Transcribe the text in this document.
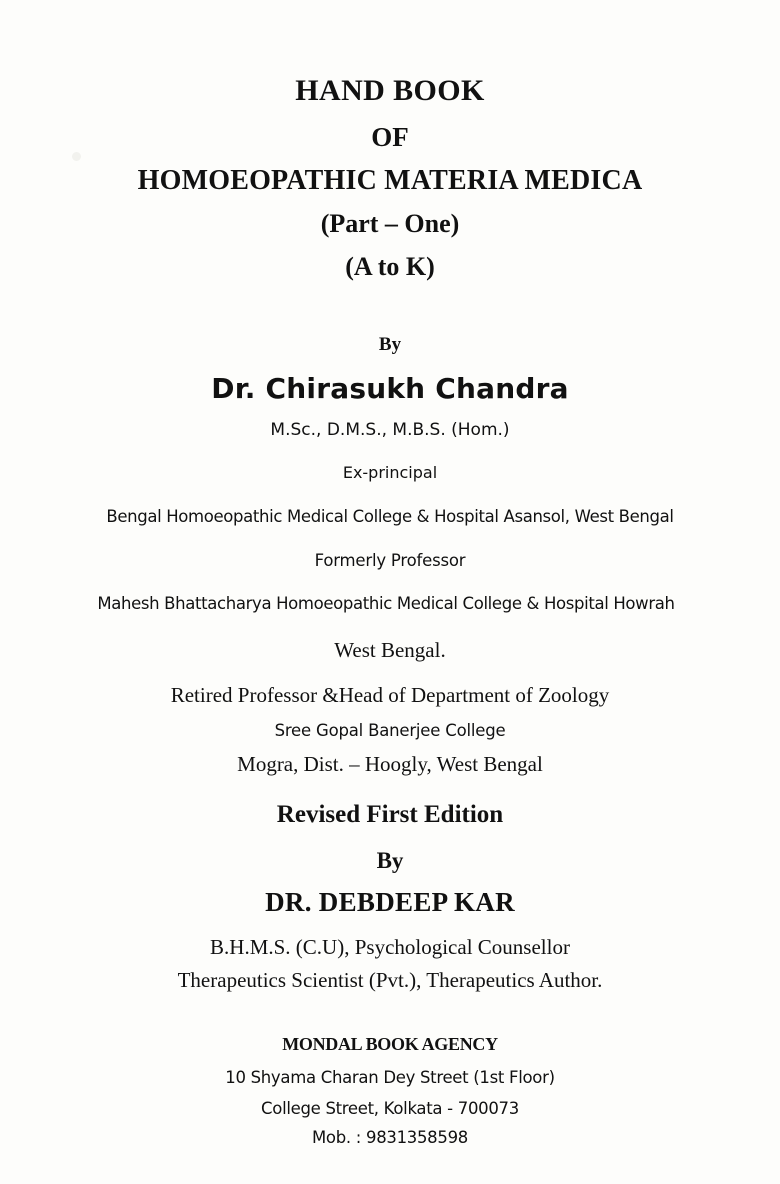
HAND BOOK
OF
HOMOEOPATHIC MATERIA MEDICA
(Part – One)
(A to K)
By
Dr. Chirasukh Chandra
M.Sc., D.M.S., M.B.S. (Hom.)
Ex-principal
Bengal Homoeopathic Medical College & Hospital Asansol, West Bengal
Formerly Professor
Mahesh Bhattacharya Homoeopathic Medical College & Hospital Howrah
West Bengal.
Retired Professor &Head of Department of Zoology
Sree Gopal Banerjee College
Mogra, Dist. – Hoogly, West Bengal
Revised First Edition
By
DR. DEBDEEP KAR
B.H.M.S. (C.U), Psychological Counsellor
Therapeutics Scientist (Pvt.), Therapeutics Author.
MONDAL BOOK AGENCY
10 Shyama Charan Dey Street (1st Floor)
College Street, Kolkata - 700073
Mob. : 9831358598
